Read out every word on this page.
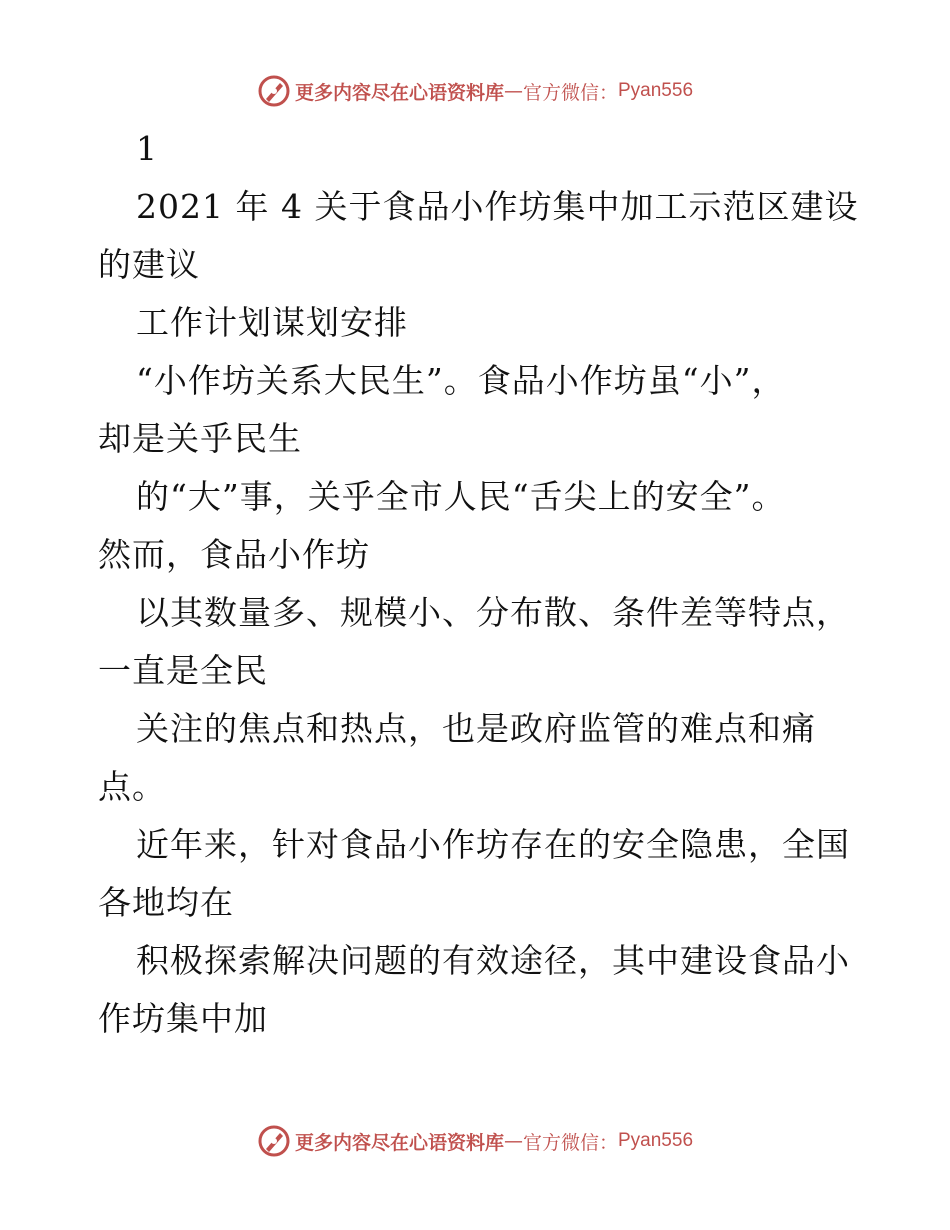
更多内容尽在心语资料库 — 官方微信： Pyan556
1
2021 年 4 关于食品小作坊集中加工示范区建设
的建议
工作计划谋划安排
“小作坊关系大民生”。食品小作坊虽“小”，
却是关乎民生
的“大”事，关乎全市人民“舌尖上的安全”。
然而，食品小作坊
以其数量多、规模小、分布散、条件差等特点，
一直是全民
关注的焦点和热点，也是政府监管的难点和痛
点。
近年来，针对食品小作坊存在的安全隐患，全国
各地均在
积极探索解决问题的有效途径，其中建设食品小
作坊集中加
更多内容尽在心语资料库 — 官方微信： Pyan556
